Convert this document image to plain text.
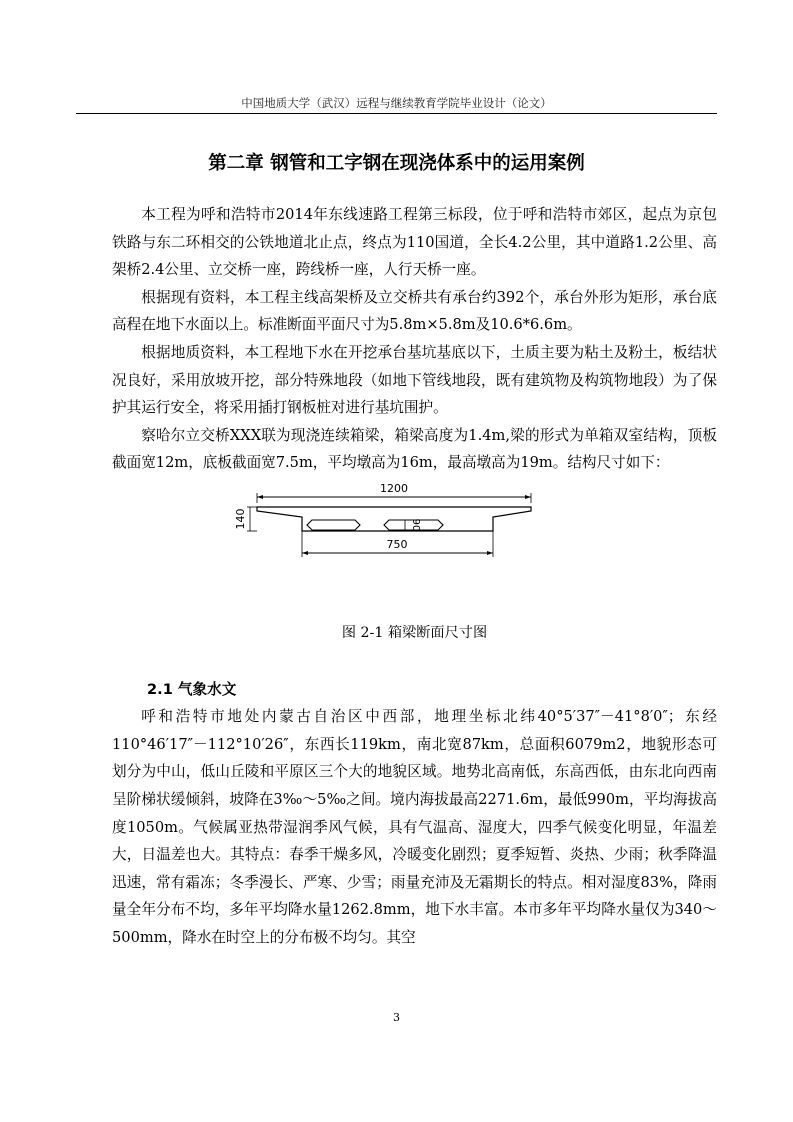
中国地质大学（武汉）远程与继续教育学院毕业设计（论文）
第二章 钢管和工字钢在现浇体系中的运用案例

本工程为呼和浩特市2014年东线速路工程第三标段，位于呼和浩特市郊区，起点为京包铁路与东二环相交的公铁地道北止点，终点为110国道，全长4.2公里，其中道路1.2公里、高架桥2.4公里、立交桥一座，跨线桥一座，人行天桥一座。

根据现有资料，本工程主线高架桥及立交桥共有承台约392个，承台外形为矩形，承台底高程在地下水面以上。标准断面平面尺寸为5.8m×5.8m及10.6*6.6m。

根据地质资料，本工程地下水在开挖承台基坑基底以下，土质主要为粘土及粉土，板结状况良好，采用放坡开挖，部分特殊地段（如地下管线地段，既有建筑物及构筑物地段）为了保护其运行安全，将采用插打钢板桩对进行基坑围护。

察哈尔立交桥XXX联为现浇连续箱梁，箱梁高度为1.4m,梁的形式为单箱双室结构，顶板截面宽12m，底板截面宽7.5m，平均墩高为16m，最高墩高为19m。结构尺寸如下：

1200
140	90
750
图 2-1 箱梁断面尺寸图
2.1 气象水文

呼和浩特市地处内蒙古自治区中西部，地理坐标北纬40°5′37″－41°8′0″；东经110°46′17″－112°10′26″，东西长119km，南北宽87km，总面积6079m2，地貌形态可划分为中山，低山丘陵和平原区三个大的地貌区域。地势北高南低，东高西低，由东北向西南呈阶梯状缓倾斜，坡降在3‰～5‰之间。境内海拔最高2271.6m，最低990m，平均海拔高度1050m。气候属亚热带湿润季风气候，具有气温高、湿度大，四季气候变化明显，年温差大，日温差也大。其特点：春季干燥多风，冷暖变化剧烈；夏季短暂、炎热、少雨；秋季降温迅速，常有霜冻；冬季漫长、严寒、少雪；雨量充沛及无霜期长的特点。相对湿度83%，降雨量全年分布不均，多年平均降水量1262.8mm，地下水丰富。本市多年平均降水量仅为340～500mm，降水在时空上的分布极不均匀。其空

3
